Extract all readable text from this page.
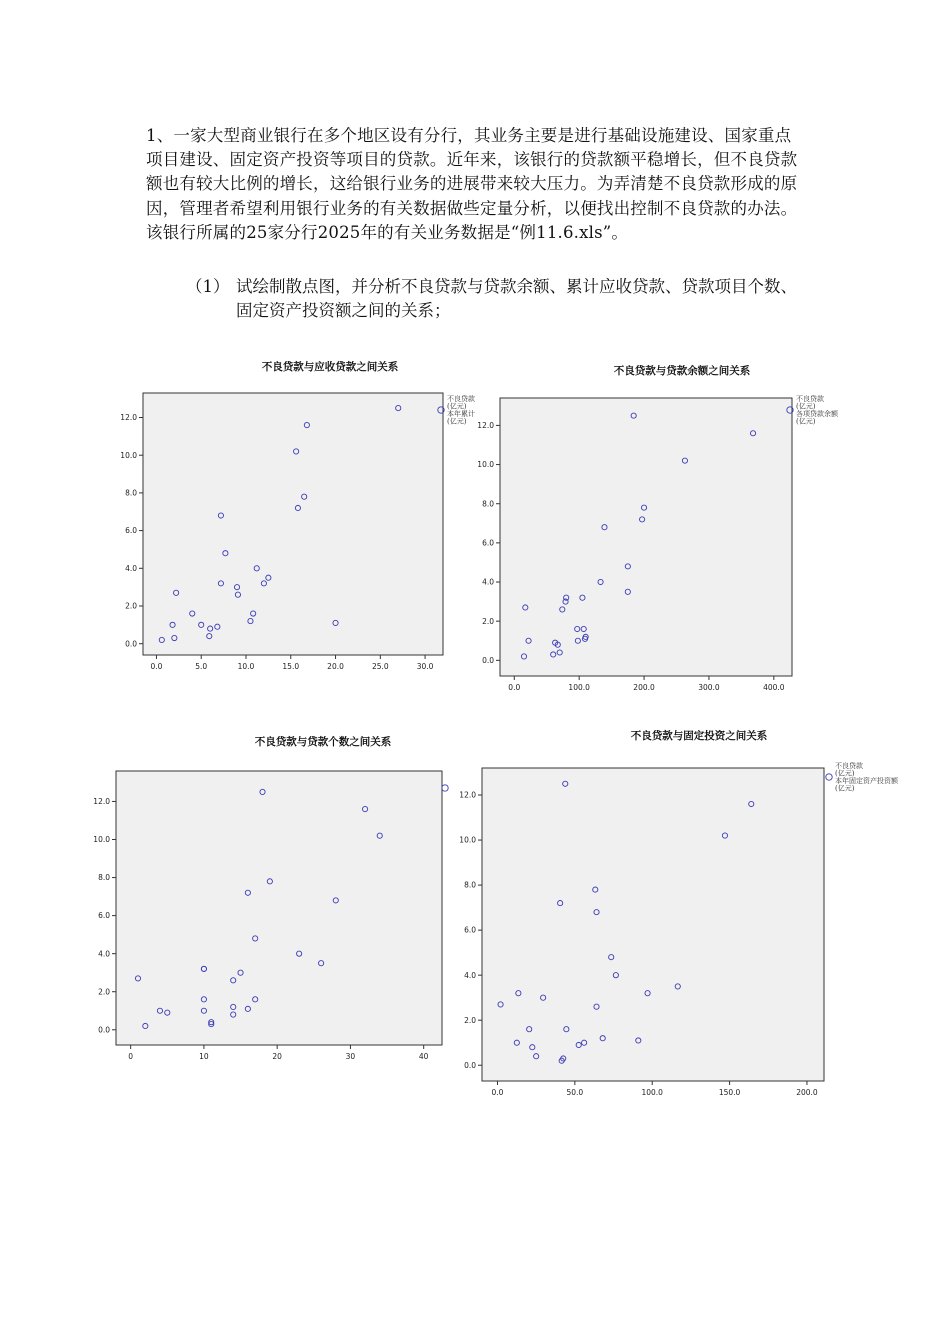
1、一家大型商业银行在多个地区设有分行，其业务主要是进行基础设施建设、国家重点项目建设、固定资产投资等项目的贷款。近年来，该银行的贷款额平稳增长，但不良贷款额也有较大比例的增长，这给银行业务的进展带来较大压力。为弄清楚不良贷款形成的原因，管理者希望利用银行业务的有关数据做些定量分析，以便找出控制不良贷款的办法。该银行所属的25家分行2025年的有关业务数据是“例11.6.xls”。

（1） 试绘制散点图，并分析不良贷款与贷款余额、累计应收贷款、贷款项目个数、固定资产投资额之间的关系；
不良贷款与应收贷款之间关系
0.0	5.0	10.0	15.0	20.0	25.0	30.0
0.0
2.0
4.0
6.0
8.0
10.0
12.0
不良贷款
(亿元)
本年累计
(亿元)
不良贷款与贷款余额之间关系
0.0	100.0	200.0	300.0	400.0
0.0
2.0
4.0
6.0
8.0
10.0
12.0
不良贷款
(亿元)
各项贷款余额
(亿元)
不良贷款与贷款个数之间关系
0	10	20	30	40
0.0
2.0
4.0
6.0
8.0
10.0
12.0
不良贷款与固定投资之间关系
0.0	50.0	100.0	150.0	200.0
0.0
2.0
4.0
6.0
8.0
10.0
12.0
不良贷款
(亿元)
本年固定资产投资额
(亿元)
